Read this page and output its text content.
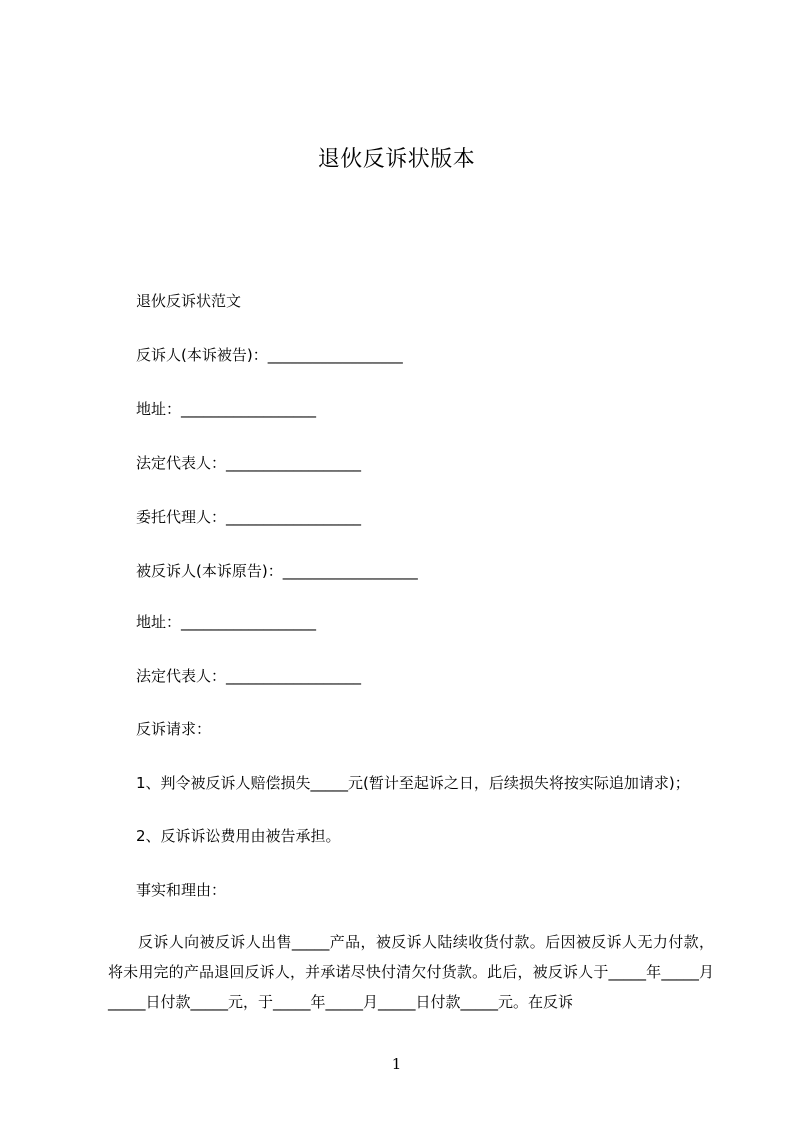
退伙反诉状版本
退伙反诉状范文
反诉人(本诉被告)：__________________
地址：__________________
法定代表人：__________________
委托代理人：__________________
被反诉人(本诉原告)：__________________
地址：__________________
法定代表人：__________________
反诉请求：
1、判令被反诉人赔偿损失_____元(暂计至起诉之日，后续损失将按实际追加请求)；
2、反诉诉讼费用由被告承担。
事实和理由：
反诉人向被反诉人出售_____产品，被反诉人陆续收货付款。后因被反诉人无力付款，将未用完的产品退回反诉人，并承诺尽快付清欠付货款。此后，被反诉人于_____年_____月_____日付款_____元，于_____年_____月_____日付款_____元。在反诉
1
